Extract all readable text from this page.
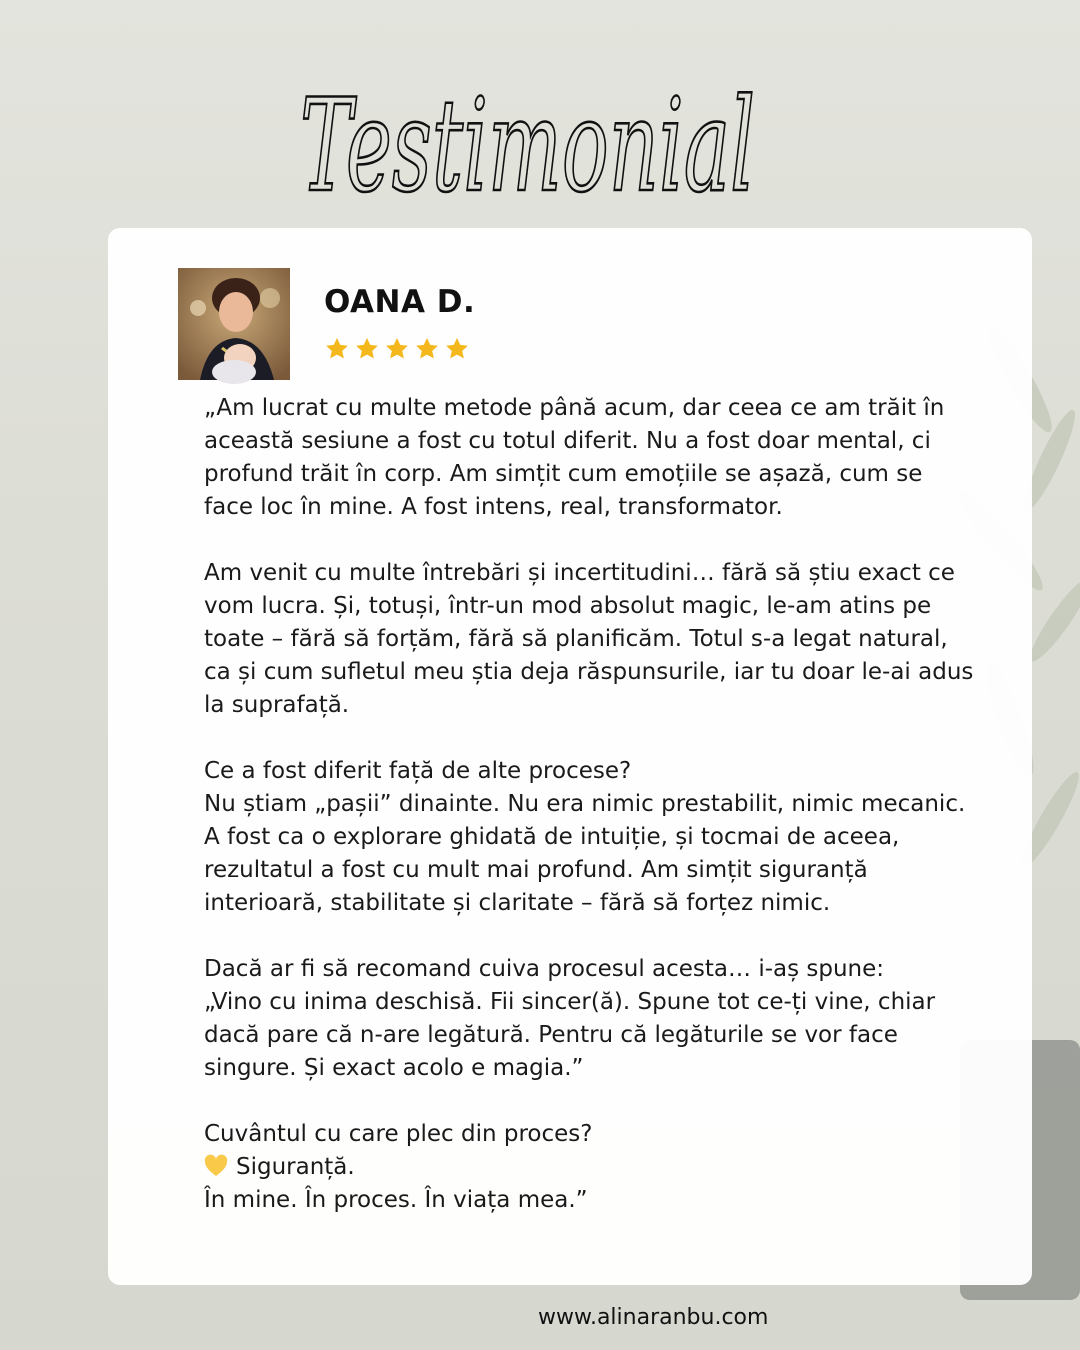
Testimonial
OANA D.

„Am lucrat cu multe metode până acum, dar ceea ce am trăit în
această sesiune a fost cu totul diferit. Nu a fost doar mental, ci
profund trăit în corp. Am simțit cum emoțiile se așază, cum se
face loc în mine. A fost intens, real, transformator.

Am venit cu multe întrebări și incertitudini… fără să știu exact ce
vom lucra. Și, totuși, într-un mod absolut magic, le-am atins pe
toate – fără să forțăm, fără să planificăm. Totul s-a legat natural,
ca și cum sufletul meu știa deja răspunsurile, iar tu doar le-ai adus
la suprafață.

Ce a fost diferit față de alte procese?
Nu știam „pașii” dinainte. Nu era nimic prestabilit, nimic mecanic.
A fost ca o explorare ghidată de intuiție, și tocmai de aceea,
rezultatul a fost cu mult mai profund. Am simțit siguranță
interioară, stabilitate și claritate – fără să forțez nimic.

Dacă ar fi să recomand cuiva procesul acesta… i-aș spune:
„Vino cu inima deschisă. Fii sincer(ă). Spune tot ce-ți vine, chiar
dacă pare că n-are legătură. Pentru că legăturile se vor face
singure. Și exact acolo e magia.”

Cuvântul cu care plec din proces?
Siguranță.
În mine. În proces. În viața mea.”

www.alinaranbu.com
